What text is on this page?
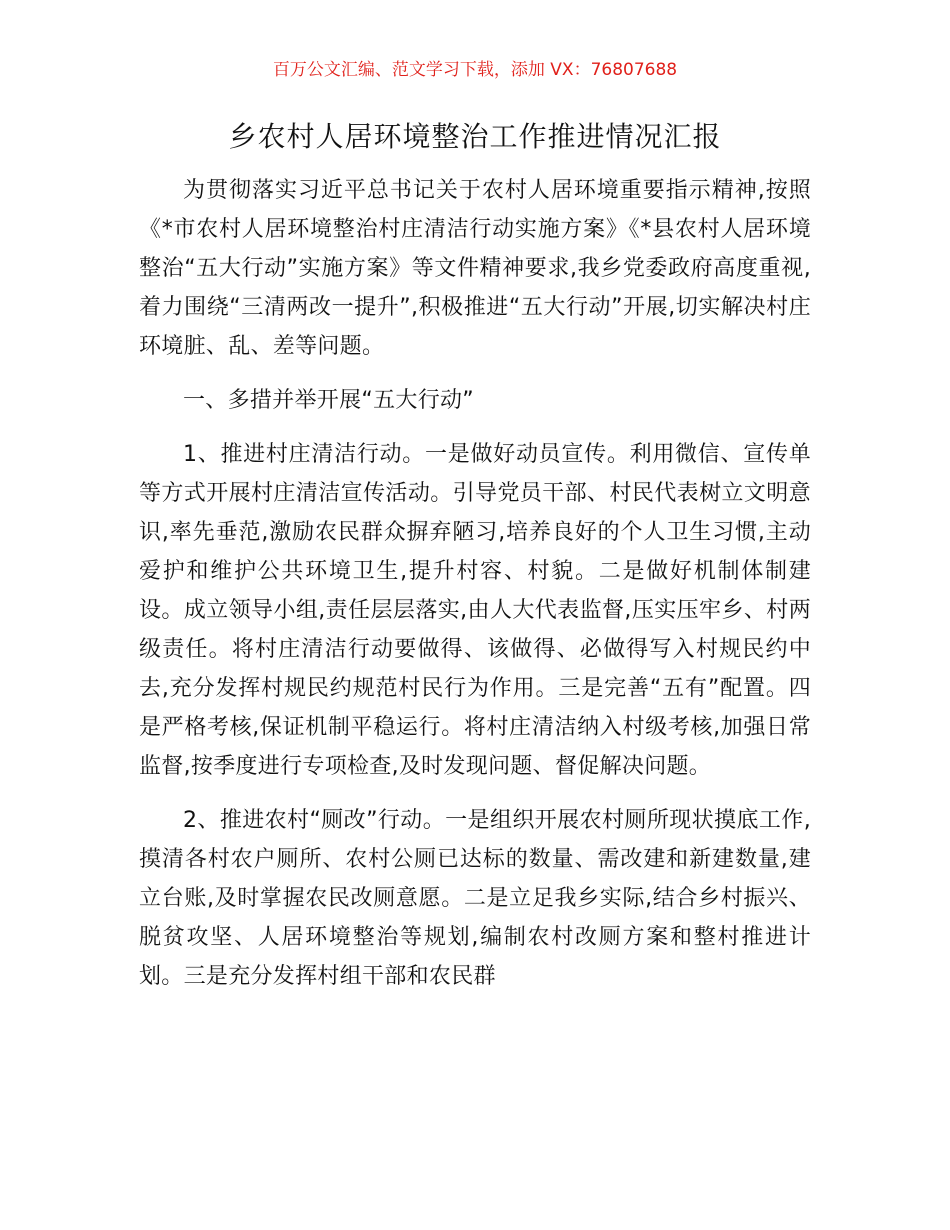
百万公文汇编、范文学习下载，添加 VX：76807688
乡农村人居环境整治工作推进情况汇报

为贯彻落实习近平总书记关于农村人居环境重要指示精神,按照《*市农村人居环境整治村庄清洁行动实施方案》《*县农村人居环境整治“五大行动”实施方案》等文件精神要求,我乡党委政府高度重视,着力围绕“三清两改一提升”,积极推进“五大行动”开展,切实解决村庄环境脏、乱、差等问题。

一、多措并举开展“五大行动”

1、推进村庄清洁行动。一是做好动员宣传。利用微信、宣传单等方式开展村庄清洁宣传活动。引导党员干部、村民代表树立文明意识,率先垂范,激励农民群众摒弃陋习,培养良好的个人卫生习惯,主动爱护和维护公共环境卫生,提升村容、村貌。二是做好机制体制建设。成立领导小组,责任层层落实,由人大代表监督,压实压牢乡、村两级责任。将村庄清洁行动要做得、该做得、必做得写入村规民约中去,充分发挥村规民约规范村民行为作用。三是完善“五有”配置。四是严格考核,保证机制平稳运行。将村庄清洁纳入村级考核,加强日常监督,按季度进行专项检查,及时发现问题、督促解决问题。

2、推进农村“厕改”行动。一是组织开展农村厕所现状摸底工作,摸清各村农户厕所、农村公厕已达标的数量、需改建和新建数量,建立台账,及时掌握农民改厕意愿。二是立足我乡实际,结合乡村振兴、脱贫攻坚、人居环境整治等规划,编制农村改厕方案和整村推进计划。三是充分发挥村组干部和农民群
